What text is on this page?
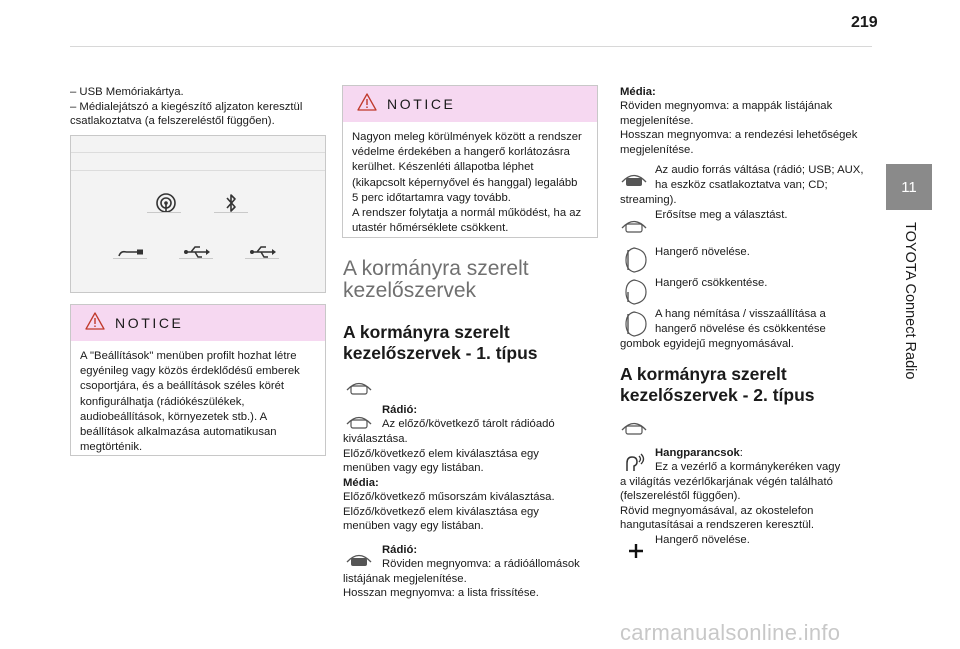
219
11
TOYOTA Connect Radio

– USB Memóriakártya.

– Médialejátszó a kiegészítő aljzaton keresztül

csatlakoztatva (a felszereléstől függően).

NOTICE

A "Beállítások" menüben profilt hozhat létre

egyénileg vagy közös érdeklődésű emberek

csoportjára, és a beállítások széles körét

konfigurálhatja (rádiókészülékek,

audiobeállítások, környezetek stb.). A

beállítások alkalmazása automatikusan

megtörténik.

NOTICE

Nagyon meleg körülmények között a rendszer

védelme érdekében a hangerő korlátozásra

kerülhet. Készenléti állapotba léphet

(kikapcsolt képernyővel és hanggal) legalább

5 perc időtartamra vagy tovább.

A rendszer folytatja a normál működést, ha az

utastér hőmérséklete csökkent.

A kormányra szerelt
kezelőszervek
A kormányra szerelt
kezelőszervek - 1. típus
Rádió:
Az előző/következő tárolt rádióadó
kiválasztása.
Előző/következő elem kiválasztása egy
menüben vagy egy listában.
Média:
Előző/következő műsorszám kiválasztása.
Előző/következő elem kiválasztása egy
menüben vagy egy listában.
Rádió:
Röviden megnyomva: a rádióállomások
listájának megjelenítése.
Hosszan megnyomva: a lista frissítése.
Média:
Röviden megnyomva: a mappák listájának
megjelenítése.
Hosszan megnyomva: a rendezési lehetőségek
megjelenítése.
Az audio forrás váltása (rádió; USB; AUX,
ha eszköz csatlakoztatva van; CD;
streaming).
Erősítse meg a választást.
Hangerő növelése.
Hangerő csökkentése.
A hang némítása / visszaállítása a
hangerő növelése és csökkentése
gombok egyidejű megnyomásával.
A kormányra szerelt
kezelőszervek - 2. típus
Hangparancsok:
Ez a vezérlő a kormánykeréken vagy
a világítás vezérlőkarjának végén található
(felszereléstől függően).
Rövid megnyomásával, az okostelefon
hangutasításai a rendszeren keresztül.
Hangerő növelése.
carmanualsonline.info
